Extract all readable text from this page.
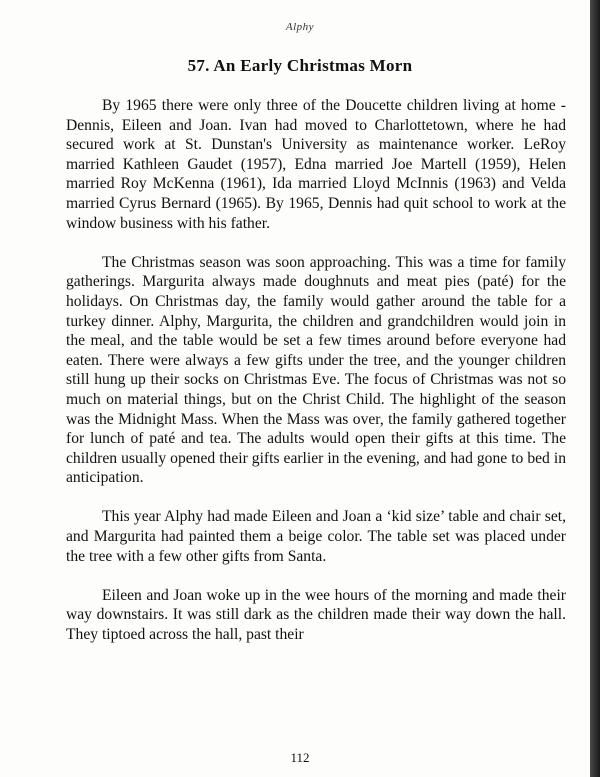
Alphy
57. An Early Christmas Morn

By 1965 there were only three of the Doucette children living at home - Dennis, Eileen and Joan. Ivan had moved to Charlottetown, where he had secured work at St. Dunstan's University as maintenance worker. LeRoy married Kathleen Gaudet (1957), Edna married Joe Martell (1959), Helen married Roy McKenna (1961), Ida married Lloyd McInnis (1963) and Velda married Cyrus Bernard (1965). By 1965, Dennis had quit school to work at the window business with his father.

The Christmas season was soon approaching. This was a time for family gatherings. Margurita always made doughnuts and meat pies (paté) for the holidays. On Christmas day, the family would gather around the table for a turkey dinner. Alphy, Margurita, the children and grandchildren would join in the meal, and the table would be set a few times around before everyone had eaten. There were always a few gifts under the tree, and the younger children still hung up their socks on Christmas Eve. The focus of Christmas was not so much on material things, but on the Christ Child. The highlight of the season was the Midnight Mass. When the Mass was over, the family gathered together for lunch of paté and tea. The adults would open their gifts at this time. The children usually opened their gifts earlier in the evening, and had gone to bed in anticipation.

This year Alphy had made Eileen and Joan a ‘kid size’ table and chair set, and Margurita had painted them a beige color. The table set was placed under the tree with a few other gifts from Santa.

Eileen and Joan woke up in the wee hours of the morning and made their way downstairs. It was still dark as the children made their way down the hall. They tiptoed across the hall, past their

112
